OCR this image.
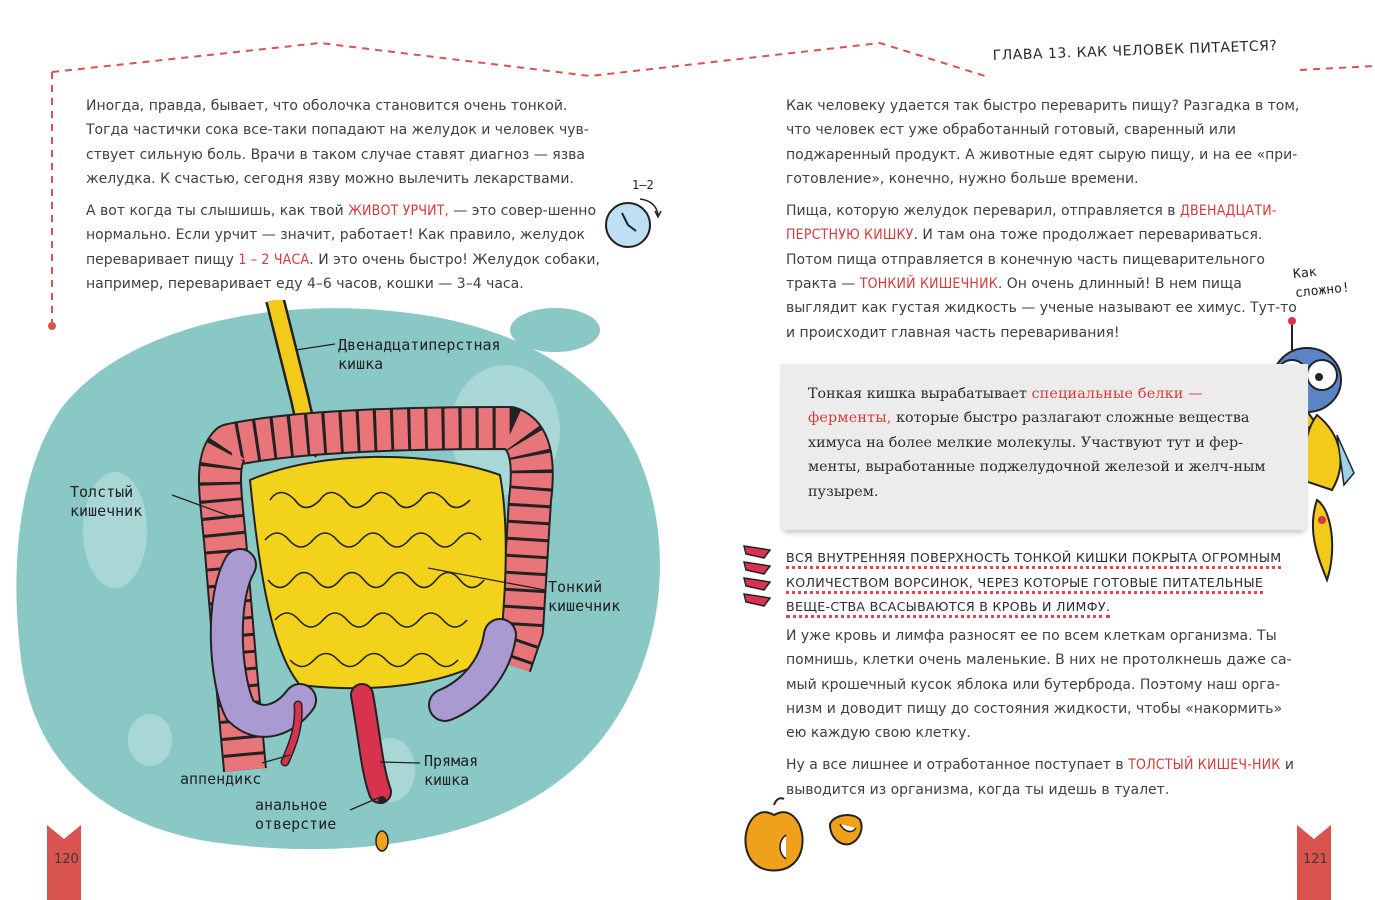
ГЛАВА 13. КАК ЧЕЛОВЕК ПИТАЕТСЯ?

Иногда, правда, бывает, что оболочка становится очень тонкой. Тогда частички сока все-таки попадают на желудок и человек чув-ствует сильную боль. Врачи в таком случае ставят диагноз — язва желудка. К счастью, сегодня язву можно вылечить лекарствами.

А вот когда ты слышишь, как твой ЖИВОТ УРЧИТ, — это совер-шенно нормально. Если урчит — значит, работает! Как правило, желудок переваривает пищу 1 – 2 ЧАСА. И это очень быстро! Желудок собаки, например, переваривает еду 4–6 часов, кошки — 3–4 часа.

1–2
Двенадцатиперстная кишка
Толстый кишечник
Тонкий кишечник
аппендикс
Прямая кишка
анальное отверстие
120

Как человеку удается так быстро переварить пищу? Разгадка в том, что человек ест уже обработанный готовый, сваренный или поджаренный продукт. А животные едят сырую пищу, и на ее «при-готовление», конечно, нужно больше времени.

Пища, которую желудок переварил, отправляется в ДВЕНАДЦАТИ-ПЕРСТНУЮ КИШКУ. И там она тоже продолжает перевариваться. Потом пища отправляется в конечную часть пищеварительного тракта — ТОНКИЙ КИШЕЧНИК. Он очень длинный! В нем пища выглядит как густая жидкость — ученые называют ее химус. Тут-то и происходит главная часть переваривания!

Как сложно!

Тонкая кишка вырабатывает специальные белки — ферменты, которые быстро разлагают сложные вещества химуса на более мелкие молекулы. Участвуют тут и фер-менты, выработанные поджелудочной железой и желч-ным пузырем.

ВСЯ ВНУТРЕННЯЯ ПОВЕРХНОСТЬ ТОНКОЙ КИШКИ ПОКРЫТА ОГРОМНЫМ КОЛИЧЕСТВОМ ВОРСИНОК, ЧЕРЕЗ КОТОРЫЕ ГОТОВЫЕ ПИТАТЕЛЬНЫЕ ВЕЩЕ-СТВА ВСАСЫВАЮТСЯ В КРОВЬ И ЛИМФУ.

И уже кровь и лимфа разносят ее по всем клеткам организма. Ты помнишь, клетки очень маленькие. В них не протолкнешь даже са-мый крошечный кусок яблока или бутерброда. Поэтому наш орга-низм и доводит пищу до состояния жидкости, чтобы «накормить» ею каждую свою клетку.

Ну а все лишнее и отработанное поступает в ТОЛСТЫЙ КИШЕЧ-НИК и выводится из организма, когда ты идешь в туалет.

121
